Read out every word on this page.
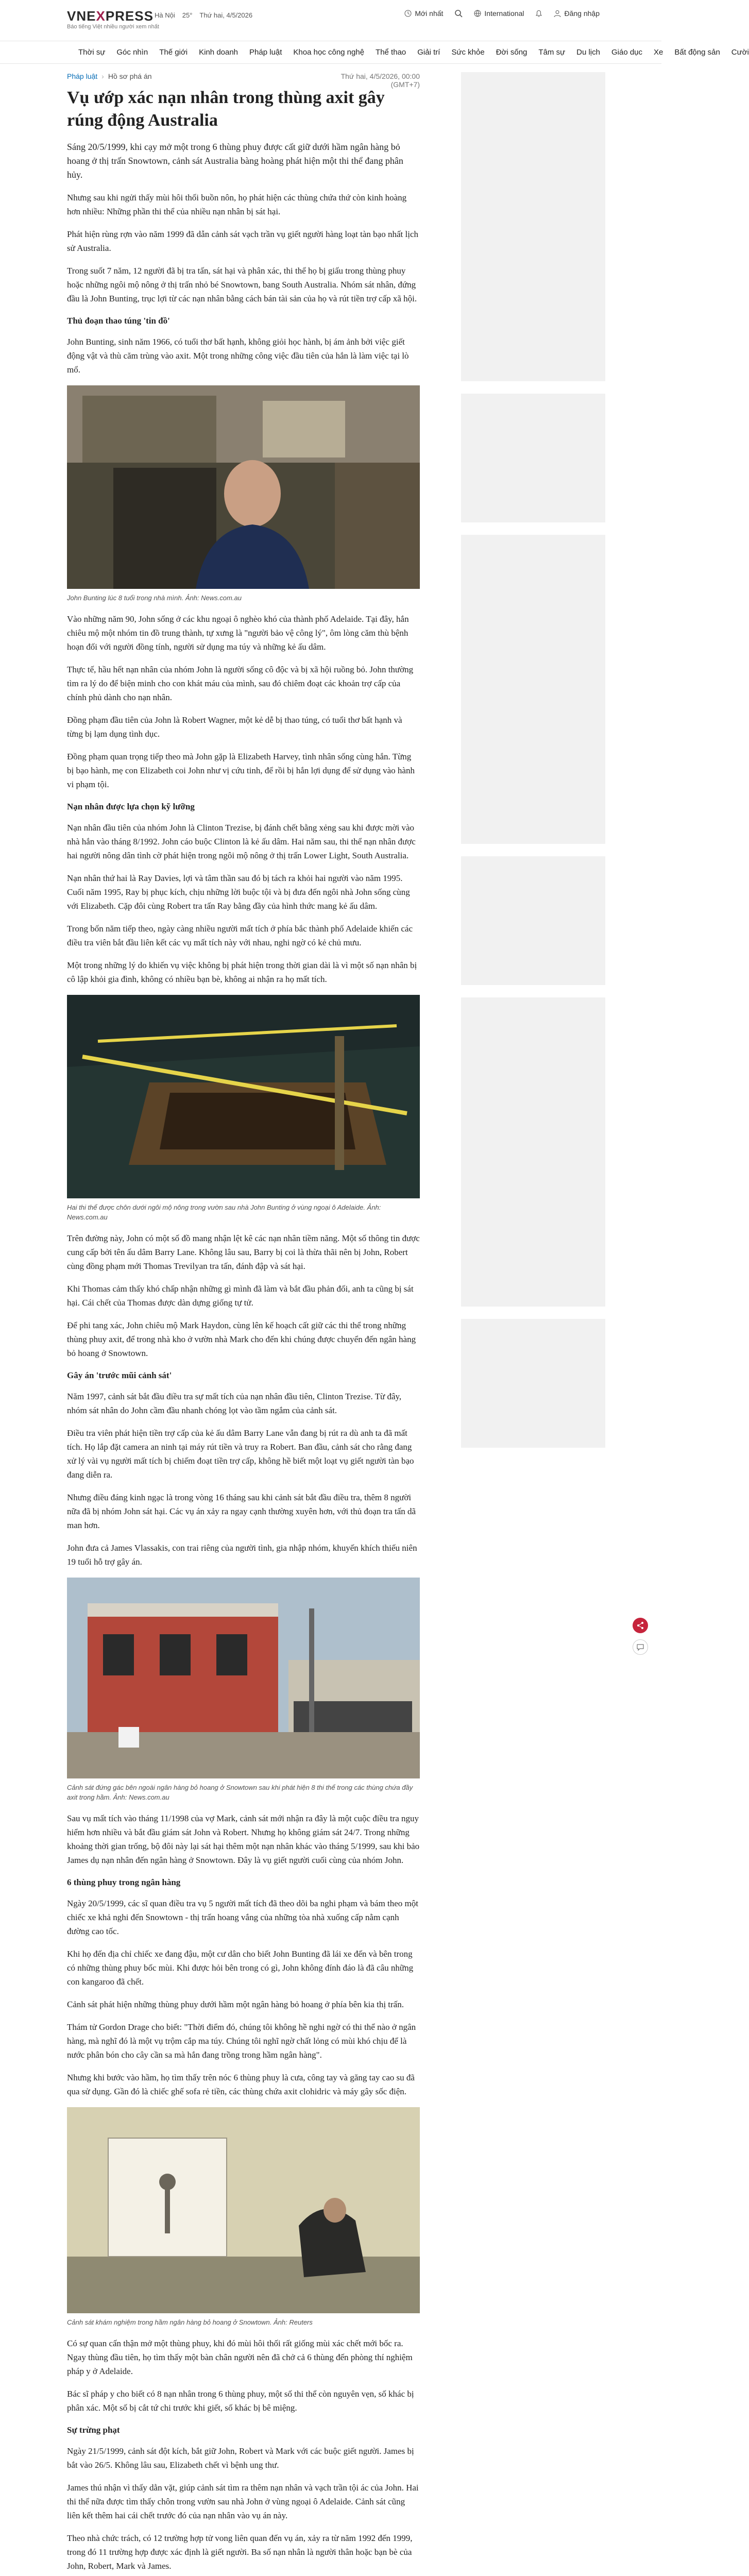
VNEXPRESS
Báo tiếng Việt nhiều người xem nhất
Hà Nội 25° Thứ hai, 4/5/2026	Mới nhất	International	Đăng nhập
Thời sự Góc nhìn Thế giới Kinh doanh Pháp luật Khoa học công nghệ Thể thao Giải trí Sức khỏe Đời sống Tâm sự Du lịch Giáo dục Xe Bất động sản Cười
Pháp luật › Hồ sơ phá án	Thứ hai, 4/5/2026, 00:00 (GMT+7)
Vụ ướp xác nạn nhân trong thùng axit gây rúng động Australia

Sáng 20/5/1999, khi cạy mở một trong 6 thùng phuy được cất giữ dưới hầm ngân hàng bỏ hoang ở thị trấn Snowtown, cảnh sát Australia bàng hoàng phát hiện một thi thể đang phân hủy.

Nhưng sau khi ngửi thấy mùi hôi thối buồn nôn, họ phát hiện các thùng chứa thứ còn kinh hoàng hơn nhiều: Những phần thi thể của nhiều nạn nhân bị sát hại.

Phát hiện rùng rợn vào năm 1999 đã dẫn cảnh sát vạch trần vụ giết người hàng loạt tàn bạo nhất lịch sử Australia.

Trong suốt 7 năm, 12 người đã bị tra tấn, sát hại và phân xác, thi thể họ bị giấu trong thùng phuy hoặc những ngôi mộ nông ở thị trấn nhỏ bé Snowtown, bang South Australia. Nhóm sát nhân, đứng đầu là John Bunting, trục lợi từ các nạn nhân bằng cách bán tài sản của họ và rút tiền trợ cấp xã hội.

Thủ đoạn thao túng 'tin đồ'

John Bunting, sinh năm 1966, có tuổi thơ bất hạnh, không giỏi học hành, bị ám ảnh bởi việc giết động vật và thù căm trùng vào axit. Một trong những công việc đầu tiên của hắn là làm việc tại lò mổ.

John Bunting lúc 8 tuổi trong nhà mình. Ảnh: News.com.au

Vào những năm 90, John sống ở các khu ngoại ô nghèo khó của thành phố Adelaide. Tại đây, hắn chiêu mộ một nhóm tin đồ trung thành, tự xưng là "người bảo vệ công lý", ôm lòng căm thù bệnh hoạn đối với người đồng tính, người sử dụng ma túy và những kẻ ấu dâm.

Thực tế, hầu hết nạn nhân của nhóm John là người sống cô độc và bị xã hội ruồng bỏ. John thường tìm ra lý do để biện minh cho con khát máu của mình, sau đó chiêm đoạt các khoản trợ cấp của chính phủ dành cho nạn nhân.

Đồng phạm đầu tiên của John là Robert Wagner, một kẻ dễ bị thao túng, có tuổi thơ bất hạnh và từng bị lạm dụng tình dục.

Đồng phạm quan trọng tiếp theo mà John gặp là Elizabeth Harvey, tình nhân sống cùng hắn. Từng bị bạo hành, mẹ con Elizabeth coi John như vị cứu tinh, để rồi bị hắn lợi dụng để sử dụng vào hành vi phạm tội.

Nạn nhân được lựa chọn kỹ lưỡng

Nạn nhân đầu tiên của nhóm John là Clinton Trezise, bị đánh chết bằng xẻng sau khi được mời vào nhà hắn vào tháng 8/1992. John cáo buộc Clinton là kẻ ấu dâm. Hai năm sau, thi thể nạn nhân được hai người nông dân tình cờ phát hiện trong ngôi mộ nông ở thị trấn Lower Light, South Australia.

Nạn nhân thứ hai là Ray Davies, lợi và tâm thần sau đó bị tách ra khỏi hai người vào năm 1995. Cuối năm 1995, Ray bị phục kích, chịu những lời buộc tội và bị đưa đến ngôi nhà John sống cùng với Elizabeth. Cặp đôi cùng Robert tra tấn Ray bằng đầy của hình thức mang kẻ ấu dâm.

Trong bốn năm tiếp theo, ngày càng nhiều người mất tích ở phía bắc thành phố Adelaide khiến các điều tra viên bắt đầu liên kết các vụ mất tích này với nhau, nghi ngờ có kẻ chủ mưu.

Một trong những lý do khiến vụ việc không bị phát hiện trong thời gian dài là vì một số nạn nhân bị cô lập khỏi gia đình, không có nhiều bạn bè, không ai nhận ra họ mất tích.

Hai thi thể được chôn dưới ngôi mộ nông trong vườn sau nhà John Bunting ở vùng ngoại ô Adelaide. Ảnh: News.com.au

Trên đường này, John có một số đồ mang nhận lệt kê các nạn nhân tiềm năng. Một số thông tin được cung cấp bởi tên ấu dâm Barry Lane. Không lâu sau, Barry bị coi là thừa thãi nên bị John, Robert cùng đồng phạm mới Thomas Trevilyan tra tấn, đánh đập và sát hại.

Khi Thomas cảm thấy khó chấp nhận những gì mình đã làm và bắt đầu phản đối, anh ta cũng bị sát hại. Cái chết của Thomas được dàn dựng giống tự tử.

Để phi tang xác, John chiêu mộ Mark Haydon, cùng lên kế hoạch cất giữ các thi thể trong những thùng phuy axit, để trong nhà kho ở vườn nhà Mark cho đến khi chúng được chuyển đến ngân hàng bỏ hoang ở Snowtown.

Gây án 'trước mũi cảnh sát'

Năm 1997, cảnh sát bắt đầu điều tra sự mất tích của nạn nhân đầu tiên, Clinton Trezise. Từ đây, nhóm sát nhân do John cầm đầu nhanh chóng lọt vào tầm ngắm của cảnh sát.

Điều tra viên phát hiện tiền trợ cấp của kẻ ấu dâm Barry Lane vẫn đang bị rút ra dù anh ta đã mất tích. Họ lắp đặt camera an ninh tại máy rút tiền và truy ra Robert. Ban đầu, cảnh sát cho rằng đang xử lý vài vụ người mất tích bị chiếm đoạt tiền trợ cấp, không hề biết một loạt vụ giết người tàn bạo đang diễn ra.

Nhưng điều đáng kinh ngạc là trong vòng 16 tháng sau khi cảnh sát bắt đầu điều tra, thêm 8 người nữa đã bị nhóm John sát hại. Các vụ án xảy ra ngay cạnh thường xuyên hơn, với thủ đoạn tra tấn dã man hơn.

John đưa cả James Vlassakis, con trai riêng của người tình, gia nhập nhóm, khuyến khích thiếu niên 19 tuổi hỗ trợ gây án.

Cảnh sát đứng gác bên ngoài ngân hàng bỏ hoang ở Snowtown sau khi phát hiện 8 thi thể trong các thùng chứa đầy axit trong hầm. Ảnh: News.com.au

Sau vụ mất tích vào tháng 11/1998 của vợ Mark, cảnh sát mới nhận ra đây là một cuộc điều tra nguy hiểm hơn nhiều và bắt đầu giám sát John và Robert. Nhưng họ không giám sát 24/7. Trong những khoảng thời gian trống, bộ đôi này lại sát hại thêm một nạn nhân khác vào tháng 5/1999, sau khi bảo James dụ nạn nhân đến ngân hàng ở Snowtown. Đây là vụ giết người cuối cùng của nhóm John.

6 thùng phuy trong ngân hàng

Ngày 20/5/1999, các sĩ quan điều tra vụ 5 người mất tích đã theo dõi ba nghi phạm và bám theo một chiếc xe khả nghi đến Snowtown - thị trấn hoang vắng của những tòa nhà xuống cấp nằm cạnh đường cao tốc.

Khi họ đến địa chỉ chiếc xe đang đậu, một cư dân cho biết John Bunting đã lái xe đến và bên trong có những thùng phuy bốc mùi. Khi được hỏi bên trong có gì, John không đính đáo là đã câu những con kangaroo đã chết.

Cảnh sát phát hiện những thùng phuy dưới hầm một ngân hàng bỏ hoang ở phía bên kia thị trấn.

Thám tử Gordon Drage cho biết: "Thời điểm đó, chúng tôi không hề nghi ngờ có thi thể nào ở ngân hàng, mà nghĩ đó là một vụ trộm cắp ma túy. Chúng tôi nghĩ ngờ chất lỏng có mùi khó chịu để là nước phân bón cho cây cần sa mà hắn đang trồng trong hầm ngân hàng".

Nhưng khi bước vào hầm, họ tìm thấy trên nóc 6 thùng phuy là cưa, công tay và găng tay cao su đã qua sử dụng. Gần đó là chiếc ghế sofa rẻ tiền, các thùng chứa axit clohidric và máy gây sốc điện.

Cảnh sát khám nghiệm trong hầm ngân hàng bỏ hoang ở Snowtown. Ảnh: Reuters

Có sự quan cấn thận mở một thùng phuy, khi đó mùi hôi thối rất giống mùi xác chết mới bốc ra. Ngay thùng đầu tiên, họ tìm thấy một bàn chân người nên đã chở cả 6 thùng đến phòng thí nghiệm pháp y ở Adelaide.

Bác sĩ pháp y cho biết có 8 nạn nhân trong 6 thùng phuy, một số thi thể còn nguyên vẹn, số khác bị phân xác. Một số bị cắt tứ chi trước khi giết, số khác bị bê miệng.

Sự trừng phạt

Ngày 21/5/1999, cảnh sát đột kích, bắt giữ John, Robert và Mark với các buộc giết người. James bị bắt vào 26/5. Không lâu sau, Elizabeth chết vì bệnh ung thư.

James thú nhận vì thấy dằn vặt, giúp cảnh sát tìm ra thêm nạn nhân và vạch trần tội ác của John. Hai thi thể nữa được tìm thấy chôn trong vườn sau nhà John ở vùng ngoại ô Adelaide. Cảnh sát cũng liên kết thêm hai cái chết trước đó của nạn nhân vào vụ án này.

Theo nhà chức trách, có 12 trường hợp tử vong liên quan đến vụ án, xảy ra từ năm 1992 đến 1999, trong đó 11 trường hợp được xác định là giết người. Ba số nạn nhân là người thân hoặc bạn bè của John, Robert, Mark và James.
